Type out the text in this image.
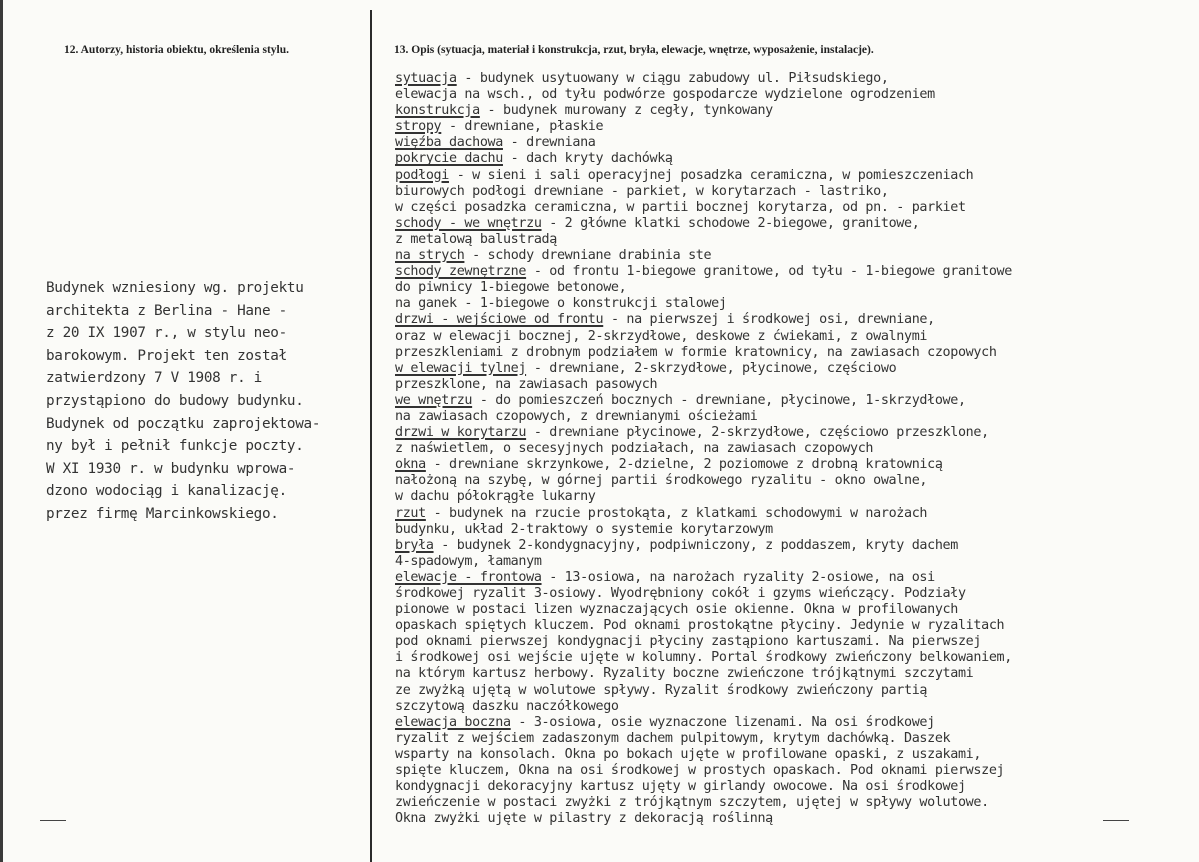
12. Autorzy, historia obiektu, określenia stylu.	13. Opis (sytuacja, materiał i konstrukcja, rzut, bryła, elewacje, wnętrze, wyposażenie, instalacje).
Budynek wzniesiony wg. projektu
architekta z Berlina - Hane -
z 20 IX 1907 r., w stylu neo-
barokowym. Projekt ten został
zatwierdzony 7 V 1908 r. i
przystąpiono do budowy budynku.
Budynek od początku zaprojektowa-
ny był i pełnił funkcje poczty.
W XI 1930 r. w budynku wprowa-
dzono wodociąg i kanalizację.
przez firmę Marcinkowskiego.
sytuacja - budynek usytuowany w ciągu zabudowy ul. Piłsudskiego,
elewacja na wsch., od tyłu podwórze gospodarcze wydzielone ogrodzeniem
konstrukcja - budynek murowany z cegły, tynkowany
stropy - drewniane, płaskie
więźba dachowa - drewniana
pokrycie dachu - dach kryty dachówką
podłogi - w sieni i sali operacyjnej posadzka ceramiczna, w pomieszczeniach
biurowych podłogi drewniane - parkiet, w korytarzach - lastriko,
w części posadzka ceramiczna, w partii bocznej korytarza, od pn. - parkiet
schody - we wnętrzu - 2 główne klatki schodowe 2-biegowe, granitowe,
z metalową balustradą
na strych - schody drewniane drabinia ste
schody zewnętrzne - od frontu 1-biegowe granitowe, od tyłu - 1-biegowe granitowe
do piwnicy 1-biegowe betonowe,
na ganek - 1-biegowe o konstrukcji stalowej
drzwi - wejściowe od frontu - na pierwszej i środkowej osi, drewniane,
oraz w elewacji bocznej, 2-skrzydłowe, deskowe z ćwiekami, z owalnymi
przeszkleniami z drobnym podziałem w formie kratownicy, na zawiasach czopowych
w elewacji tylnej - drewniane, 2-skrzydłowe, płycinowe, częściowo
przeszklone, na zawiasach pasowych
we wnętrzu - do pomieszczeń bocznych - drewniane, płycinowe, 1-skrzydłowe,
na zawiasach czopowych, z drewnianymi ościeżami
drzwi w korytarzu - drewniane płycinowe, 2-skrzydłowe, częściowo przeszklone,
z naświetlem, o secesyjnych podziałach, na zawiasach czopowych
okna - drewniane skrzynkowe, 2-dzielne, 2 poziomowe z drobną kratownicą
nałożoną na szybę, w górnej partii środkowego ryzalitu - okno owalne,
w dachu półokrągłe lukarny
rzut - budynek na rzucie prostokąta, z klatkami schodowymi w narożach
budynku, układ 2-traktowy o systemie korytarzowym
bryła - budynek 2-kondygnacyjny, podpiwniczony, z poddaszem, kryty dachem
4-spadowym, łamanym
elewacje - frontowa - 13-osiowa, na narożach ryzality 2-osiowe, na osi
środkowej ryzalit 3-osiowy. Wyodrębniony cokół i gzyms wieńczący. Podziały
pionowe w postaci lizen wyznaczających osie okienne. Okna w profilowanych
opaskach spiętych kluczem. Pod oknami prostokątne płyciny. Jedynie w ryzalitach
pod oknami pierwszej kondygnacji płyciny zastąpiono kartuszami. Na pierwszej
i środkowej osi wejście ujęte w kolumny. Portal środkowy zwieńczony belkowaniem,
na którym kartusz herbowy. Ryzality boczne zwieńczone trójkątnymi szczytami
ze zwyżką ujętą w wolutowe spływy. Ryzalit środkowy zwieńczony partią
szczytową daszku naczółkowego
elewacja boczna - 3-osiowa, osie wyznaczone lizenami. Na osi środkowej
ryzalit z wejściem zadaszonym dachem pulpitowym, krytym dachówką. Daszek
wsparty na konsolach. Okna po bokach ujęte w profilowane opaski, z uszakami,
spięte kluczem, Okna na osi środkowej w prostych opaskach. Pod oknami pierwszej
kondygnacji dekoracyjny kartusz ujęty w girlandy owocowe. Na osi środkowej
zwieńczenie w postaci zwyżki z trójkątnym szczytem, ujętej w spływy wolutowe.
Okna zwyżki ujęte w pilastry z dekoracją roślinną
